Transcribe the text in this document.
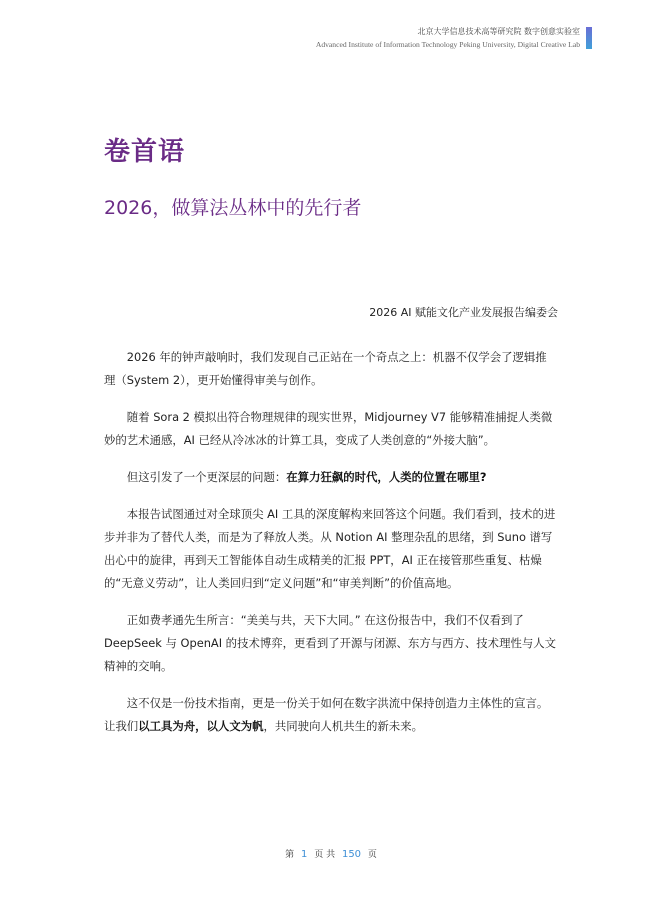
北京大学信息技术高等研究院 数字创意实验室
Advanced Institute of Information Technology Peking University, Digital Creative Lab
卷首语
2026，做算法丛林中的先行者
2026 AI 赋能文化产业发展报告编委会

2026 年的钟声敲响时，我们发现自己正站在一个奇点之上：机器不仅学会了逻辑推理（System 2），更开始懂得审美与创作。

随着 Sora 2 模拟出符合物理规律的现实世界，Midjourney V7 能够精准捕捉人类微妙的艺术通感，AI 已经从冷冰冰的计算工具，变成了人类创意的“外接大脑”。

但这引发了一个更深层的问题：在算力狂飙的时代，人类的位置在哪里?

本报告试图通过对全球顶尖 AI 工具的深度解构来回答这个问题。我们看到，技术的进步并非为了替代人类，而是为了释放人类。从 Notion AI 整理杂乱的思绪，到 Suno 谱写出心中的旋律，再到天工智能体自动生成精美的汇报 PPT，AI 正在接管那些重复、枯燥的“无意义劳动”，让人类回归到“定义问题”和“审美判断”的价值高地。

正如费孝通先生所言：“美美与共，天下大同。” 在这份报告中，我们不仅看到了 DeepSeek 与 OpenAI 的技术博弈，更看到了开源与闭源、东方与西方、技术理性与人文精神的交响。

这不仅是一份技术指南，更是一份关于如何在数字洪流中保持创造力主体性的宣言。让我们以工具为舟，以人文为帆，共同驶向人机共生的新未来。

第 1 页 共 150 页
